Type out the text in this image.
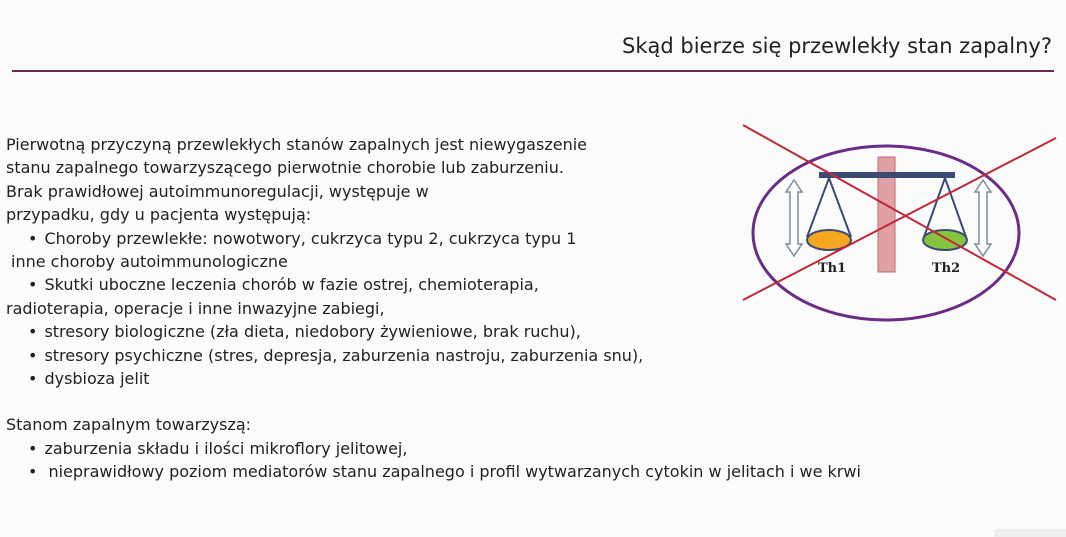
Skąd bierze się przewlekły stan zapalny?
Pierwotną przyczyną przewlekłych stanów zapalnych jest niewygaszenie
stanu zapalnego towarzyszącego pierwotnie chorobie lub zaburzeniu.
Brak prawidłowej autoimmunoregulacji, występuje w
przypadku, gdy u pacjenta występują:
• Choroby przewlekłe: nowotwory, cukrzyca typu 2, cukrzyca typu 1
inne choroby autoimmunologiczne
• Skutki uboczne leczenia chorób w fazie ostrej, chemioterapia,
radioterapia, operacje i inne inwazyjne zabiegi,
• stresory biologiczne (zła dieta, niedobory żywieniowe, brak ruchu),
• stresory psychiczne (stres, depresja, zaburzenia nastroju, zaburzenia snu),
• dysbioza jelit
Stanom zapalnym towarzyszą:
• zaburzenia składu i ilości mikroflory jelitowej,
• nieprawidłowy poziom mediatorów stanu zapalnego i profil wytwarzanych cytokin w jelitach i we krwi
Th1	Th2
